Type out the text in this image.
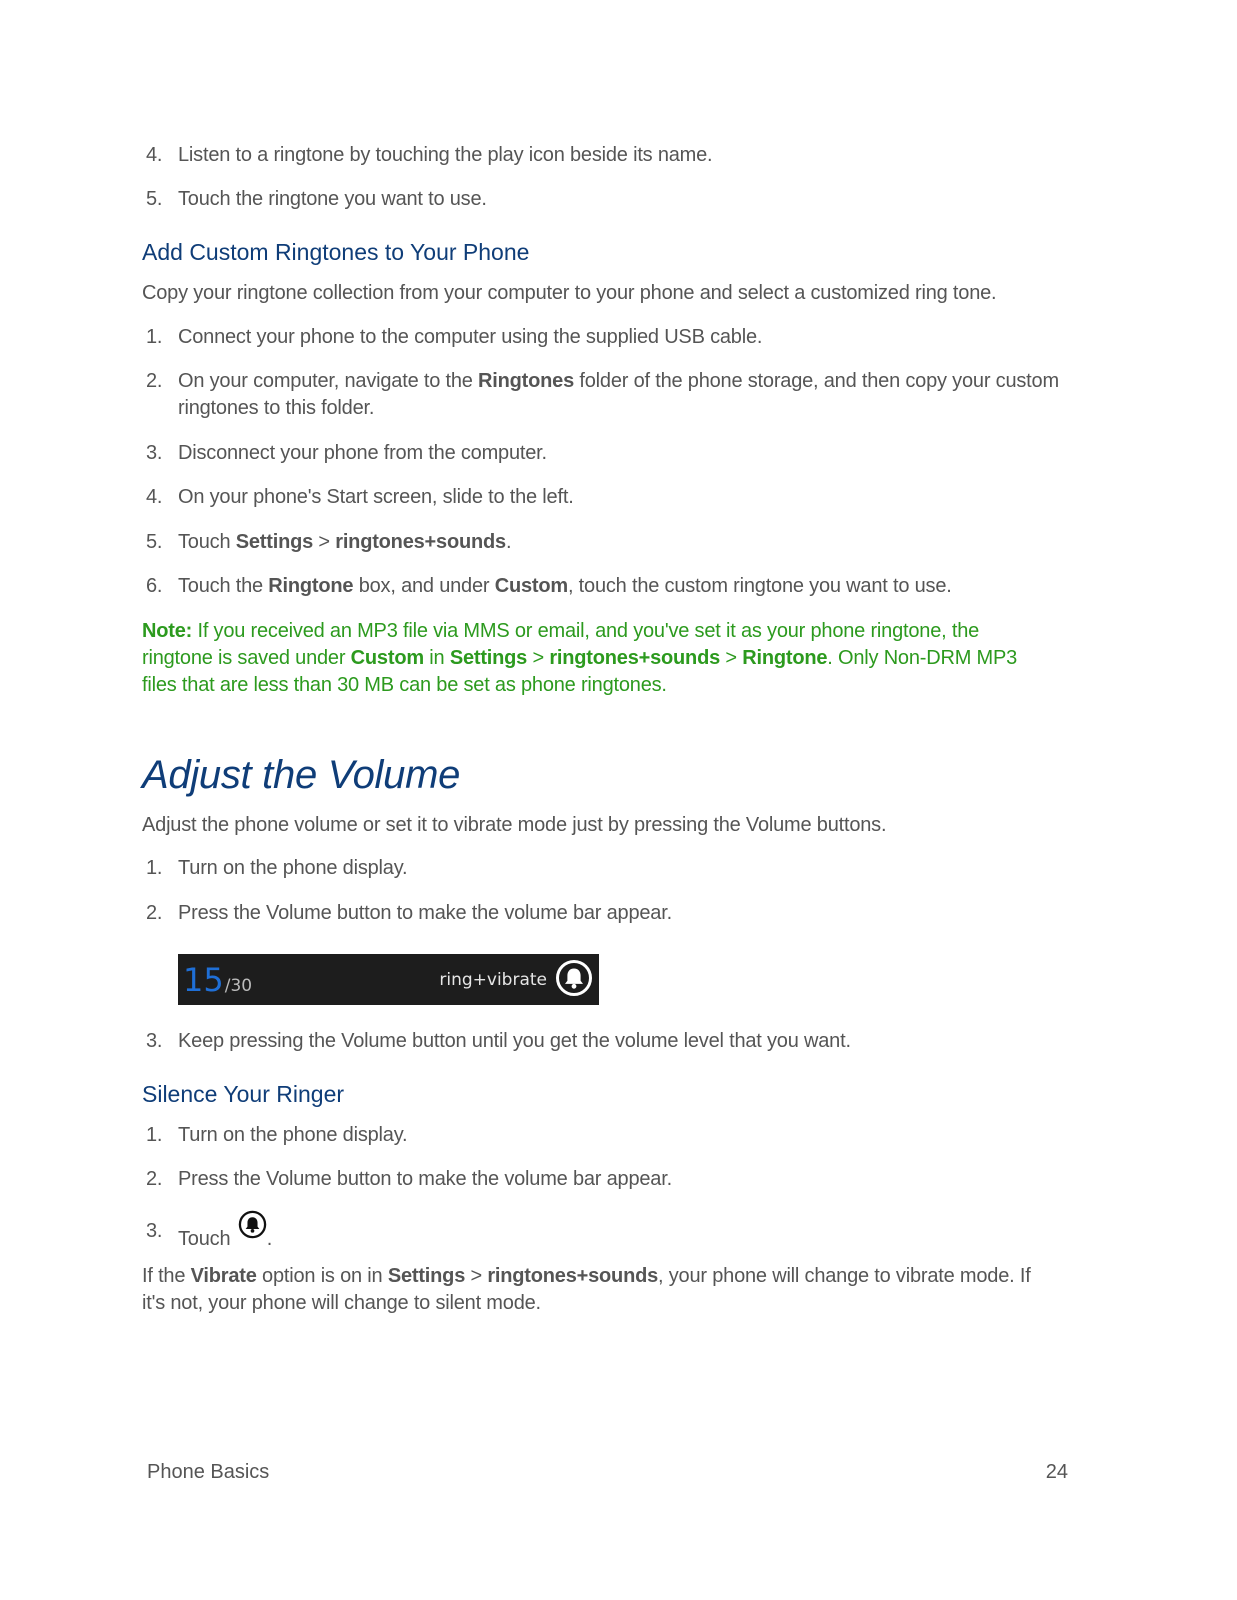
4. Listen to a ringtone by touching the play icon beside its name.
5. Touch the ringtone you want to use.
Add Custom Ringtones to Your Phone
Copy your ringtone collection from your computer to your phone and select a customized ring tone.
1. Connect your phone to the computer using the supplied USB cable.
2. On your computer, navigate to the Ringtones folder of the phone storage, and then copy your custom ringtones to this folder.
3. Disconnect your phone from the computer.
4. On your phone's Start screen, slide to the left.
5. Touch Settings > ringtones+sounds.
6. Touch the Ringtone box, and under Custom, touch the custom ringtone you want to use.
Note: If you received an MP3 file via MMS or email, and you've set it as your phone ringtone, the ringtone is saved under Custom in Settings > ringtones+sounds > Ringtone. Only Non-DRM MP3 files that are less than 30 MB can be set as phone ringtones.
Adjust the Volume
Adjust the phone volume or set it to vibrate mode just by pressing the Volume buttons.
1. Turn on the phone display.
2. Press the Volume button to make the volume bar appear.
15 /30	ring+vibrate
3. Keep pressing the Volume button until you get the volume level that you want.
Silence Your Ringer
1. Turn on the phone display.
2. Press the Volume button to make the volume bar appear.
3. Touch .
If the Vibrate option is on in Settings > ringtones+sounds, your phone will change to vibrate mode. If it's not, your phone will change to silent mode.
Phone Basics	24
